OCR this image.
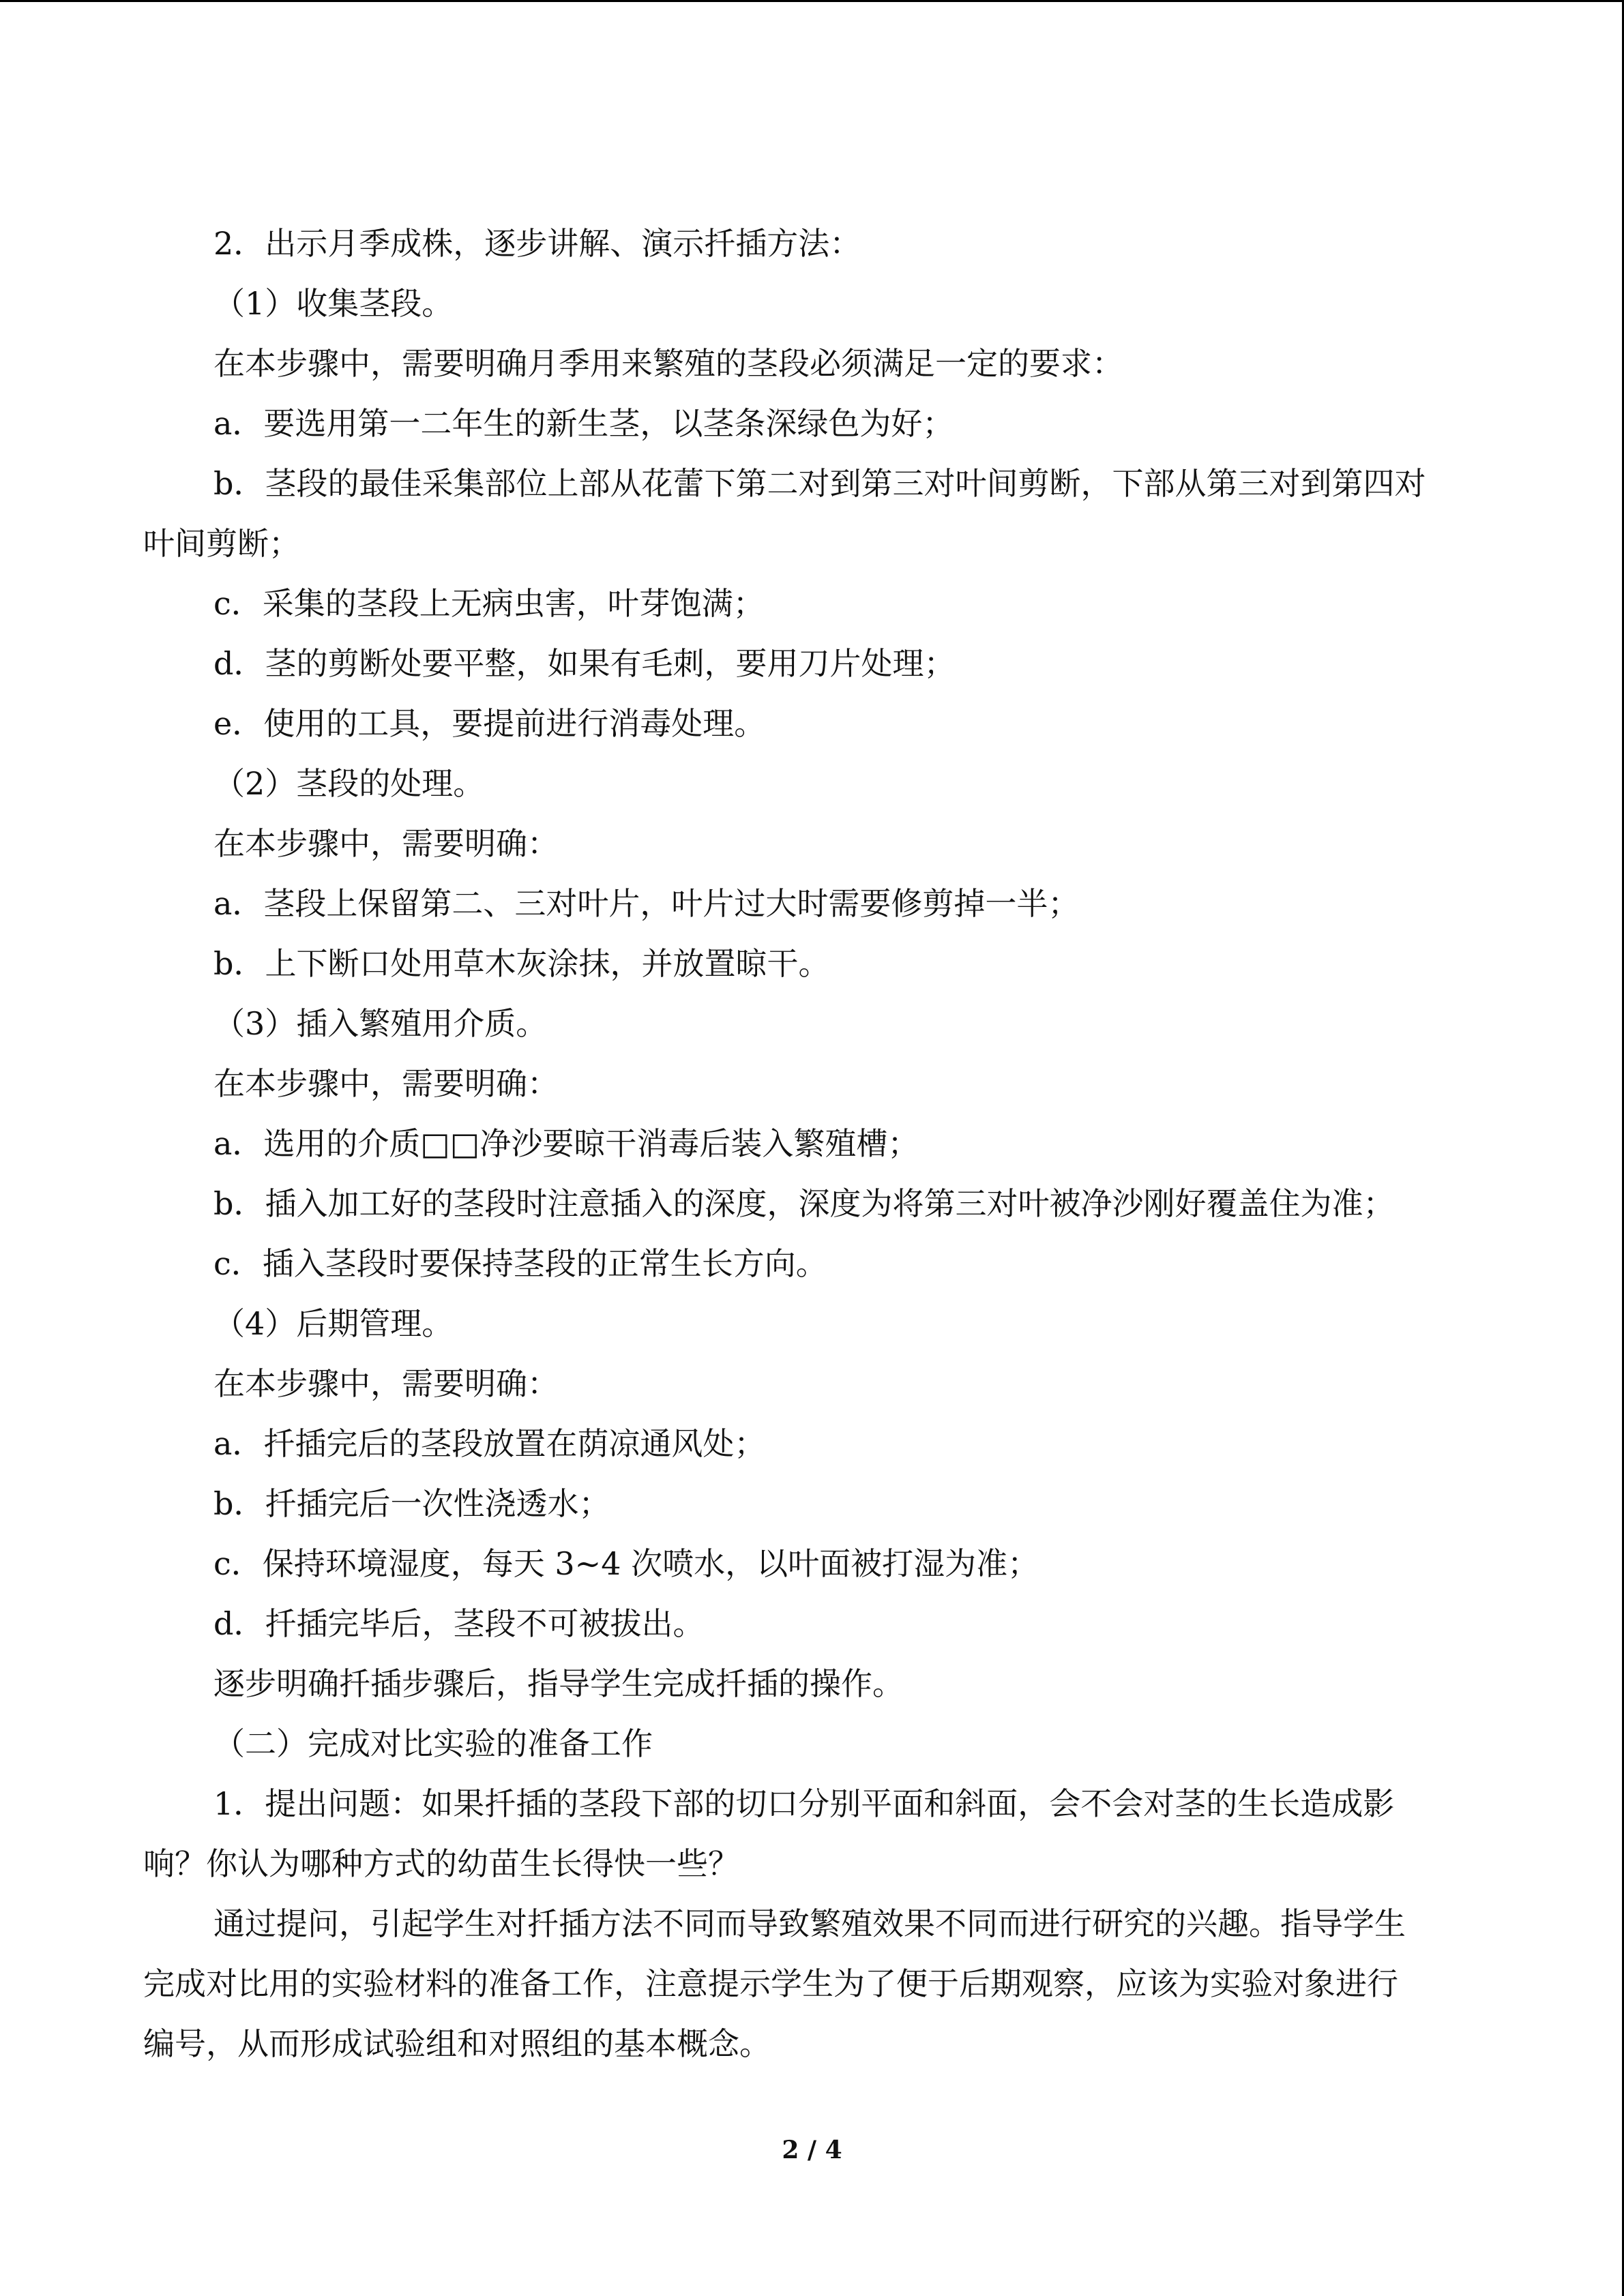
2．出示月季成株，逐步讲解、演示扦插方法：
（1）收集茎段。
在本步骤中，需要明确月季用来繁殖的茎段必须满足一定的要求：
a．要选用第一二年生的新生茎，以茎条深绿色为好；
b．茎段的最佳采集部位上部从花蕾下第二对到第三对叶间剪断，下部从第三对到第四对
叶间剪断；
c．采集的茎段上无病虫害，叶芽饱满；
d．茎的剪断处要平整，如果有毛刺，要用刀片处理；
e．使用的工具，要提前进行消毒处理。
（2）茎段的处理。
在本步骤中，需要明确：
a．茎段上保留第二、三对叶片，叶片过大时需要修剪掉一半；
b．上下断口处用草木灰涂抹，并放置晾干。
（3）插入繁殖用介质。
在本步骤中，需要明确：
a．选用的介质□□净沙要晾干消毒后装入繁殖槽；
b．插入加工好的茎段时注意插入的深度，深度为将第三对叶被净沙刚好覆盖住为准；
c．插入茎段时要保持茎段的正常生长方向。
（4）后期管理。
在本步骤中，需要明确：
a．扦插完后的茎段放置在荫凉通风处；
b．扦插完后一次性浇透水；
c．保持环境湿度，每天 3~4 次喷水，以叶面被打湿为准；
d．扦插完毕后，茎段不可被拔出。
逐步明确扦插步骤后，指导学生完成扦插的操作。
（二）完成对比实验的准备工作
1．提出问题：如果扦插的茎段下部的切口分别平面和斜面，会不会对茎的生长造成影
响？你认为哪种方式的幼苗生长得快一些？
通过提问，引起学生对扦插方法不同而导致繁殖效果不同而进行研究的兴趣。指导学生
完成对比用的实验材料的准备工作，注意提示学生为了便于后期观察，应该为实验对象进行
编号，从而形成试验组和对照组的基本概念。
2 / 4
